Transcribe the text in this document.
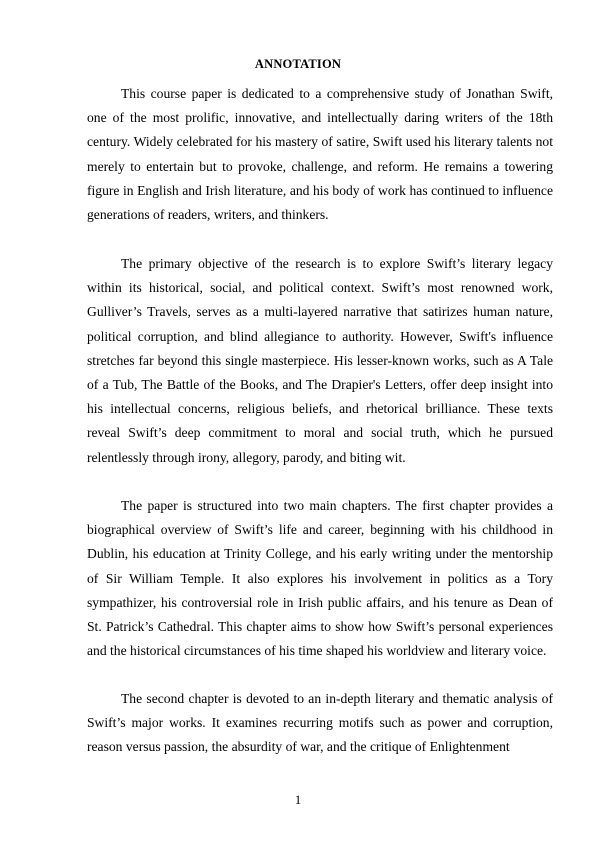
ANNOTATION

This course paper is dedicated to a comprehensive study of Jonathan Swift, one of the most prolific, innovative, and intellectually daring writers of the 18th century. Widely celebrated for his mastery of satire, Swift used his literary talents not merely to entertain but to provoke, challenge, and reform. He remains a towering figure in English and Irish literature, and his body of work has continued to influence generations of readers, writers, and thinkers.

The primary objective of the research is to explore Swift’s literary legacy within its historical, social, and political context. Swift’s most renowned work, Gulliver’s Travels, serves as a multi-layered narrative that satirizes human nature, political corruption, and blind allegiance to authority. However, Swift's influence stretches far beyond this single masterpiece. His lesser-known works, such as A Tale of a Tub, The Battle of the Books, and The Drapier's Letters, offer deep insight into his intellectual concerns, religious beliefs, and rhetorical brilliance. These texts reveal Swift’s deep commitment to moral and social truth, which he pursued relentlessly through irony, allegory, parody, and biting wit.

The paper is structured into two main chapters. The first chapter provides a biographical overview of Swift’s life and career, beginning with his childhood in Dublin, his education at Trinity College, and his early writing under the mentorship of Sir William Temple. It also explores his involvement in politics as a Tory sympathizer, his controversial role in Irish public affairs, and his tenure as Dean of St. Patrick’s Cathedral. This chapter aims to show how Swift’s personal experiences and the historical circumstances of his time shaped his worldview and literary voice.

The second chapter is devoted to an in-depth literary and thematic analysis of Swift’s major works. It examines recurring motifs such as power and corruption, reason versus passion, the absurdity of war, and the critique of Enlightenment

1
